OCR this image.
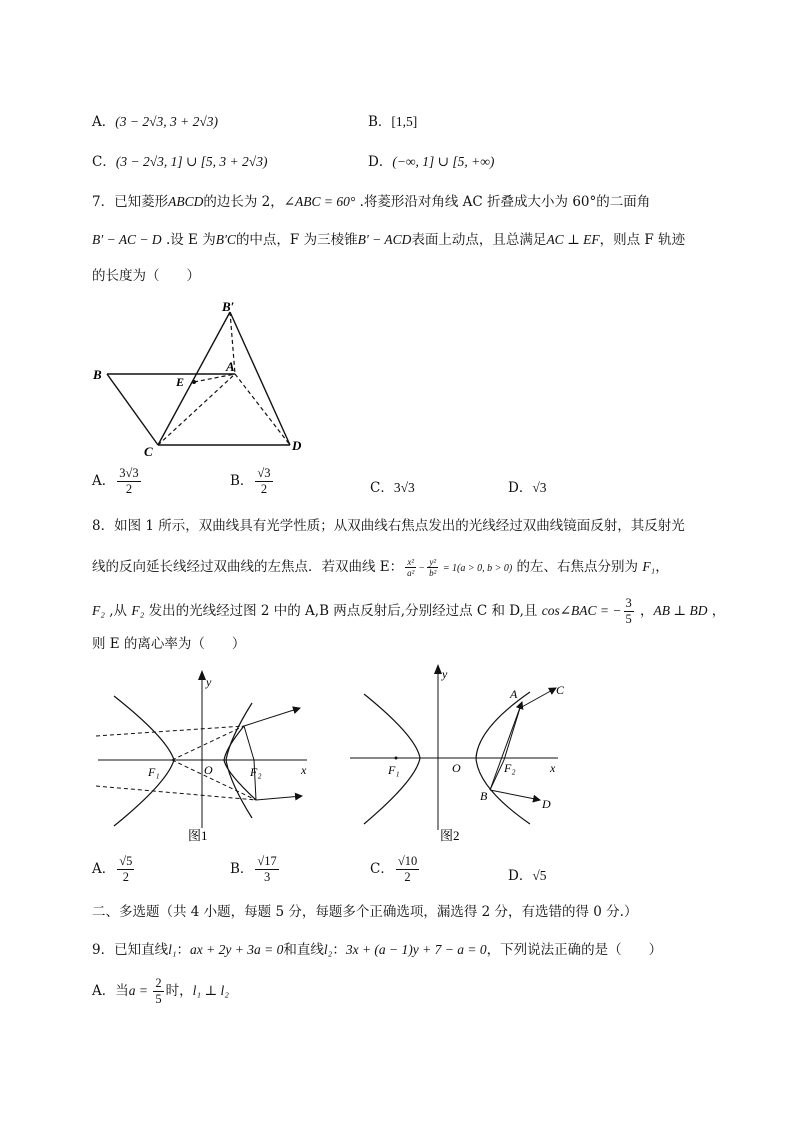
A．(3 − 2√3, 3 + 2√3)	B．[1,5]
C．(3 − 2√3, 1] ∪ [5, 3 + 2√3)	D．(−∞, 1] ∪ [5, +∞)
7．已知菱形ABCD的边长为 2，∠ABC = 60° .将菱形沿对角线 AC 折叠成大小为 60°的二面角
B′ − AC − D .设 E 为B′C的中点，F 为三棱锥B′ − ACD表面上动点，且总满足AC ⊥ EF，则点 F 轨迹
的长度为（　　）
B′
B	E
A
C	D
A． $\frac{3√3}{2}$	B． $\frac{√3}{2}$	C．3√3	D．√3
8．如图 1 所示，双曲线具有光学性质；从双曲线右焦点发出的光线经过双曲线镜面反射，其反射光
线的反向延长线经过双曲线的左焦点．若双曲线 E： $\frac{\text{x²}}{\text{a²}} - \frac{\text{y²}}{\text{b²}} = 1(a > 0$, b > 0) 的左、右焦点分别为 F₁，
F₂ ,从 F₂ 发出的光线经过图 2 中的 A,B 两点反射后,分别经过点 C 和 D,且 cos∠BAC = − $\frac{3}{5}$ ，AB ⊥ BD ，
则 E 的离心率为（　　）
y
x
O
F₁	F₂
图1
y
x
O
F₁	F₂
A	C
B
D
图2
A． $\frac{√5}{2}$	B． $\frac{√17}{3}$	C． $\frac{√10}{2}$	D．√5
二、多选题（共 4 小题，每题 5 分，每题多个正确选项，漏选得 2 分，有选错的得 0 分.）
9．已知直线l₁：ax + 2y + 3a = 0和直线l₂：3x + (a − 1)y + 7 − a = 0，下列说法正确的是（　　）
A．当$a = \frac{2}{5}$ 时，l₁ ⊥ l₂
